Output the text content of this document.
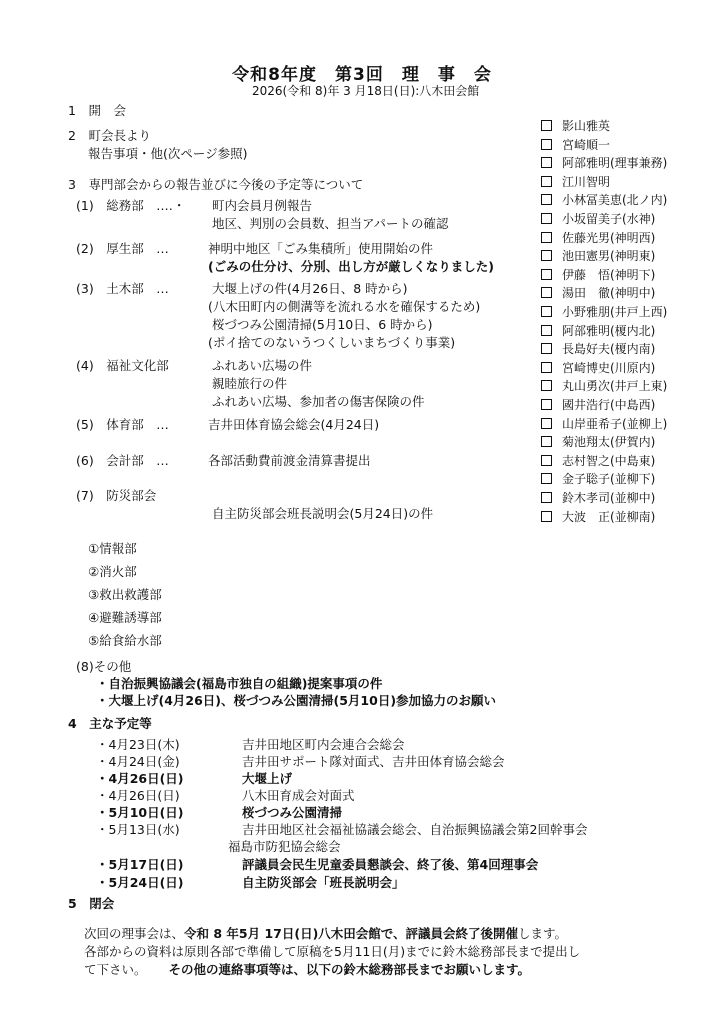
令和8年度　第3回　理　事　会
2026(令和 8)年 3 月18日(日):八木田会館
1　開　会
2　町会長より
報告事項・他(次ページ参照)
3　専門部会からの報告並びに今後の予定等について
(1)　総務部　‥‥・ 町内会員月例報告
地区、判別の会員数、担当アパートの確認
(2)　厚生部　…	神明中地区「ごみ集積所」使用開始の件
(ごみの仕分け、分別、出し方が厳しくなりました)
(3)　土木部　…	大堰上げの件(4月26日、8 時から)
(八木田町内の側溝等を流れる水を確保するため)
桜づつみ公園清掃(5月10日、6 時から)
(ポイ捨てのないうつくしいまちづくり事業)
(4)　福祉文化部	ふれあい広場の件
親睦旅行の件
ふれあい広場、参加者の傷害保険の件
(5)　体育部　…	吉井田体育協会総会(4月24日)
(6)　会計部　…	各部活動費前渡金清算書提出
(7)　防災部会
自主防災部会班長説明会(5月24日)の件
①情報部
②消火部
③救出救護部
④避難誘導部
⑤給食給水部
(8)その他
・自治振興協議会(福島市独自の組織)提案事項の件
・大堰上げ(4月26日)、桜づつみ公園清掃(5月10日)参加協力のお願い
4　主な予定等
・4月23日(木)	吉井田地区町内会連合会総会
・4月24日(金)	吉井田サポート隊対面式、吉井田体育協会総会
・4月26日(日)	大堰上げ
・4月26日(日)	八木田育成会対面式
・5月10日(日)	桜づつみ公園清掃
・5月13日(水)	吉井田地区社会福祉協議会総会、自治振興協議会第2回幹事会
福島市防犯協会総会
・5月17日(日)	評議員会民生児童委員懇談会、終了後、第4回理事会
・5月24日(日)	自主防災部会「班長説明会」
5　閉会
次回の理事会は、令和 8 年5月 17日(日)八木田会館で、評議員会終了後開催します。
各部からの資料は原則各部で準備して原稿を5月11日(月)までに鈴木総務部長まで提出し
て下さい。 その他の連絡事項等は、以下の鈴木総務部長までお願いします。
影山雅英
宮崎順一
阿部雅明(理事兼務)
江川智明
小林冨美恵(北ノ内)
小坂留美子(水神)
佐藤光男(神明西)
池田憲男(神明東)
伊藤　悟(神明下)
湯田　徹(神明中)
小野雅朋(井戸上西)
阿部雅明(榎内北)
長島好夫(榎内南)
宮崎博史(川原内)
丸山勇次(井戸上東)
國井浩行(中島西)
山岸亜希子(並柳上)
菊池翔太(伊賀内)
志村智之(中島東)
金子聡子(並柳下)
鈴木孝司(並柳中)
大波　正(並柳南)
